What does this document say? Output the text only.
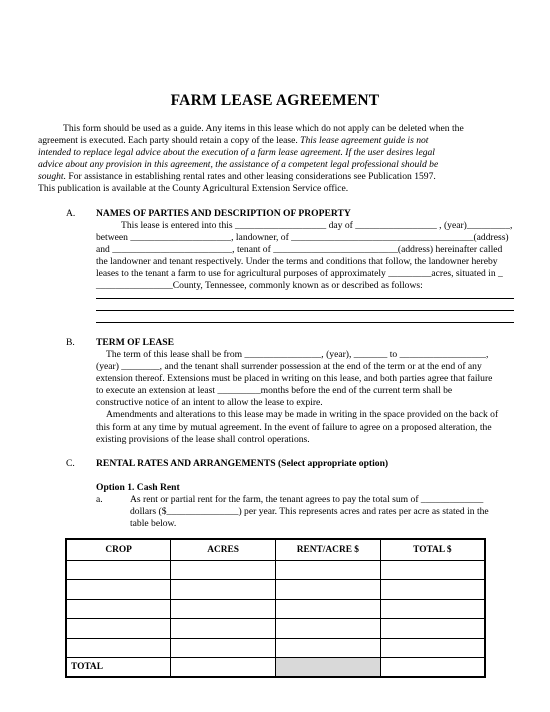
FARM LEASE AGREEMENT
This form should be used as a guide. Any items in this lease which do not apply can be deleted when the
agreement is executed. Each party should retain a copy of the lease. This lease agreement guide is not
intended to replace legal advice about the execution of a farm lease agreement. If the user desires legal
advice about any provision in this agreement, the assistance of a competent legal professional should be
sought. For assistance in establishing rental rates and other leasing considerations see Publication 1597.
This publication is available at the County Agricultural Extension Service office.
A. NAMES OF PARTIES AND DESCRIPTION OF PROPERTY
This lease is entered into this ___________________ day of _________________ , (year)_________,
between _____________________, landowner, of ______________________________________(address)
and _________________________, tenant of __________________________(address) hereinafter called
the landowner and tenant respectively. Under the terms and conditions that follow, the landowner hereby
leases to the tenant a farm to use for agricultural purposes of approximately _________acres, situated in _
________________County, Tennessee, commonly known as or described as follows:
B. TERM OF LEASE
The term of this lease shall be from ________________, (year), _______ to __________________,
(year) ________, and the tenant shall surrender possession at the end of the term or at the end of any
extension thereof. Extensions must be placed in writing on this lease, and both parties agree that failure
to execute an extension at least _________months before the end of the current term shall be
constructive notice of an intent to allow the lease to expire.
Amendments and alterations to this lease may be made in writing in the space provided on the back of
this form at any time by mutual agreement. In the event of failure to agree on a proposed alteration, the
existing provisions of the lease shall control operations.
C. RENTAL RATES AND ARRANGEMENTS (Select appropriate option)
Option 1. Cash Rent
a.	As rent or partial rent for the farm, the tenant agrees to pay the total sum of _____________
dollars ($_______________) per year. This represents acres and rates per acre as stated in the
table below.
CROP	ACRES	RENT/ACRE $	TOTAL $

TOTAL			
